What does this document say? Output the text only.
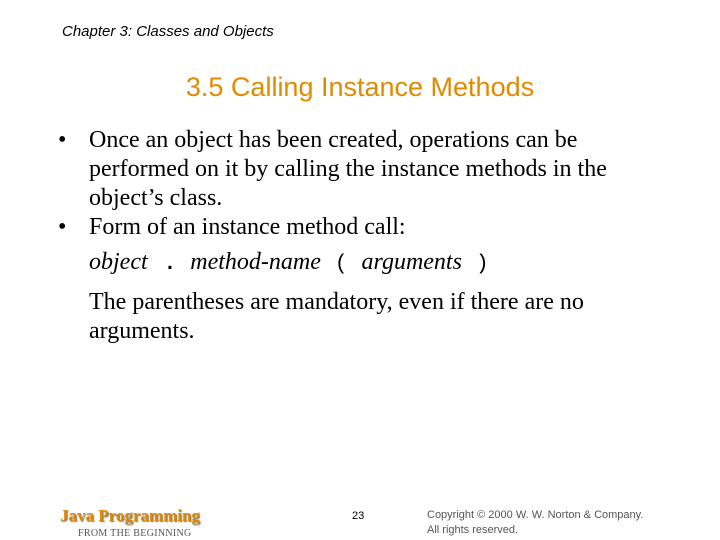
Chapter 3: Classes and Objects
3.5 Calling Instance Methods
• Once an object has been created, operations can be performed on it by calling the instance methods in the object’s class.
• Form of an instance method call:
object . method-name ( arguments )
The parentheses are mandatory, even if there are no arguments.
Java Programming
FROM THE BEGINNING
23	Copyright © 2000 W. W. Norton & Company.
All rights reserved.
